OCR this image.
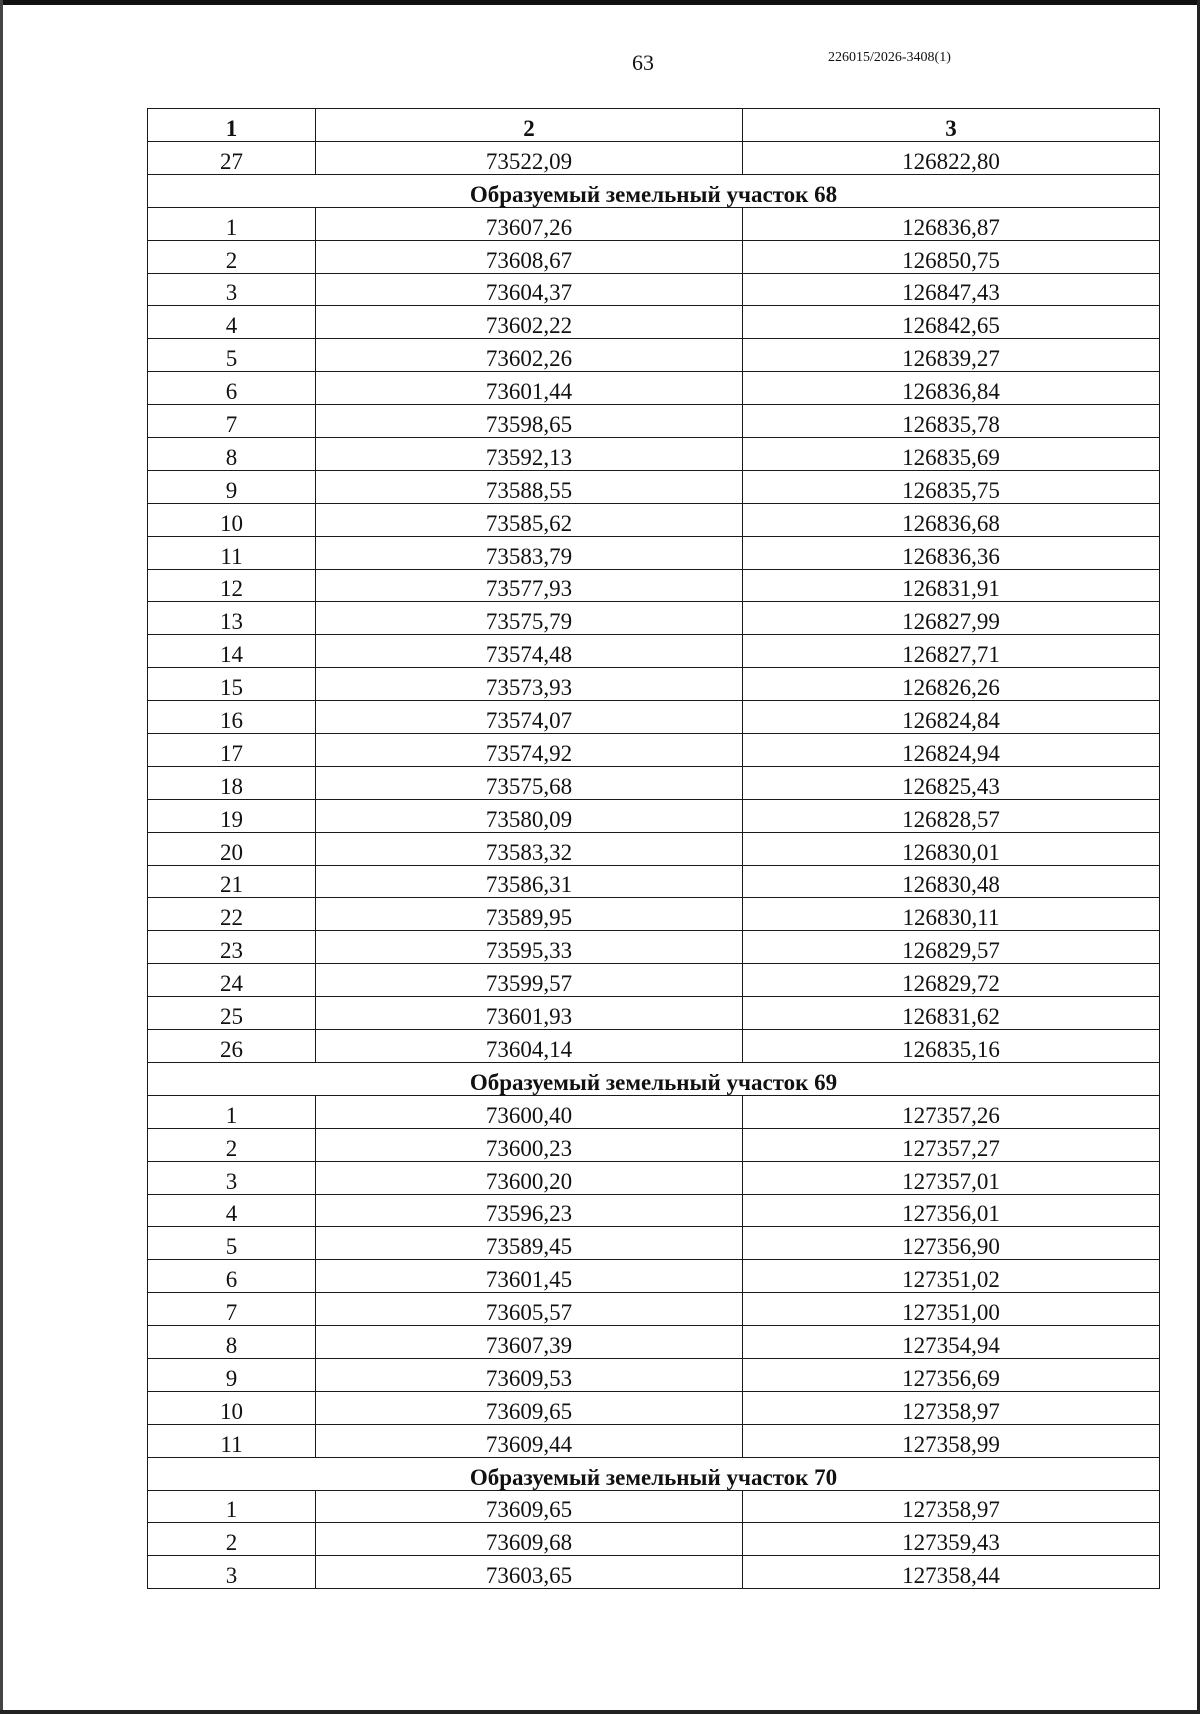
63	226015/2026-3408(1)
1	2	3
27	73522,09	126822,80
Образуемый земельный участок 68		
1	73607,26	126836,87
2	73608,67	126850,75
3	73604,37	126847,43
4	73602,22	126842,65
5	73602,26	126839,27
6	73601,44	126836,84
7	73598,65	126835,78
8	73592,13	126835,69
9	73588,55	126835,75
10	73585,62	126836,68
11	73583,79	126836,36
12	73577,93	126831,91
13	73575,79	126827,99
14	73574,48	126827,71
15	73573,93	126826,26
16	73574,07	126824,84
17	73574,92	126824,94
18	73575,68	126825,43
19	73580,09	126828,57
20	73583,32	126830,01
21	73586,31	126830,48
22	73589,95	126830,11
23	73595,33	126829,57
24	73599,57	126829,72
25	73601,93	126831,62
26	73604,14	126835,16
Образуемый земельный участок 69		
1	73600,40	127357,26
2	73600,23	127357,27
3	73600,20	127357,01
4	73596,23	127356,01
5	73589,45	127356,90
6	73601,45	127351,02
7	73605,57	127351,00
8	73607,39	127354,94
9	73609,53	127356,69
10	73609,65	127358,97
11	73609,44	127358,99
Образуемый земельный участок 70		
1	73609,65	127358,97
2	73609,68	127359,43
3	73603,65	127358,44
